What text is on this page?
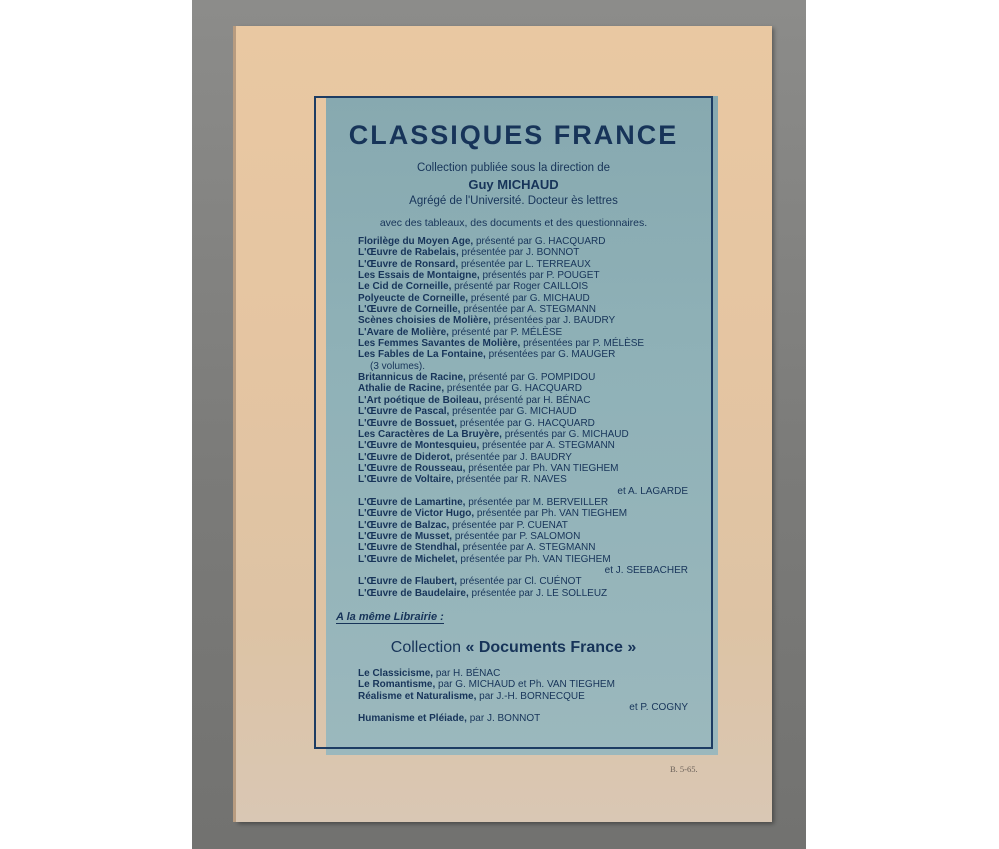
CLASSIQUES FRANCE
Collection publiée sous la direction de
Guy MICHAUD
Agrégé de l'Université. Docteur ès lettres
avec des tableaux, des documents et des questionnaires.
Florilège du Moyen Age, présenté par G. HACQUARD
L'Œuvre de Rabelais, présentée par J. BONNOT
L'Œuvre de Ronsard, présentée par L. TERREAUX
Les Essais de Montaigne, présentés par P. POUGET
Le Cid de Corneille, présenté par Roger CAILLOIS
Polyeucte de Corneille, présenté par G. MICHAUD
L'Œuvre de Corneille, présentée par A. STEGMANN
Scènes choisies de Molière, présentées par J. BAUDRY
L'Avare de Molière, présenté par P. MÉLÈSE
Les Femmes Savantes de Molière, présentées par P. MÉLÈSE
Les Fables de La Fontaine, présentées par G. MAUGER
(3 volumes).
Britannicus de Racine, présenté par G. POMPIDOU
Athalie de Racine, présentée par G. HACQUARD
L'Art poétique de Boileau, présenté par H. BÉNAC
L'Œuvre de Pascal, présentée par G. MICHAUD
L'Œuvre de Bossuet, présentée par G. HACQUARD
Les Caractères de La Bruyère, présentés par G. MICHAUD
L'Œuvre de Montesquieu, présentée par A. STEGMANN
L'Œuvre de Diderot, présentée par J. BAUDRY
L'Œuvre de Rousseau, présentée par Ph. VAN TIEGHEM
L'Œuvre de Voltaire, présentée par R. NAVES
et A. LAGARDE
L'Œuvre de Lamartine, présentée par M. BERVEILLER
L'Œuvre de Victor Hugo, présentée par Ph. VAN TIEGHEM
L'Œuvre de Balzac, présentée par P. CUENAT
L'Œuvre de Musset, présentée par P. SALOMON
L'Œuvre de Stendhal, présentée par A. STEGMANN
L'Œuvre de Michelet, présentée par Ph. VAN TIEGHEM
et J. SEEBACHER
L'Œuvre de Flaubert, présentée par Cl. CUÉNOT
L'Œuvre de Baudelaire, présentée par J. LE SOLLEUZ
A la même Librairie :
Collection « Documents France »
Le Classicisme, par H. BÉNAC
Le Romantisme, par G. MICHAUD et Ph. VAN TIEGHEM
Réalisme et Naturalisme, par J.-H. BORNECQUE
et P. COGNY
Humanisme et Pléiade, par J. BONNOT
B. 5-65.
